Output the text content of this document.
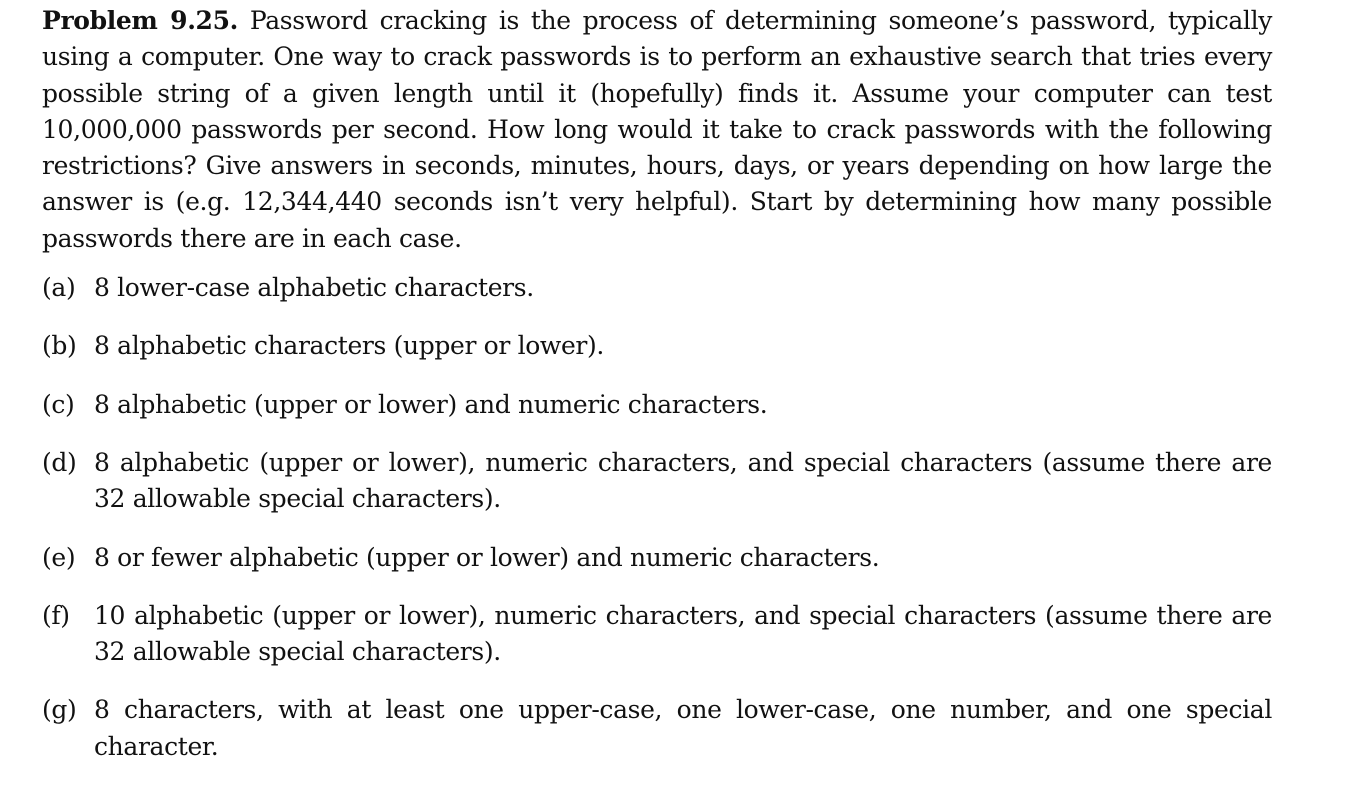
Problem 9.25. Password cracking is the process of determining someone’s password, typically using a computer. One way to crack passwords is to perform an exhaustive search that tries every possible string of a given length until it (hopefully) finds it. Assume your computer can test 10,000,000 passwords per second. How long would it take to crack passwords with the following restrictions? Give answers in seconds, minutes, hours, days, or years depending on how large the answer is (e.g. 12,344,440 seconds isn’t very helpful). Start by determining how many possible passwords there are in each case.

(a) 8 lower-case alphabetic characters.
(b) 8 alphabetic characters (upper or lower).
(c) 8 alphabetic (upper or lower) and numeric characters.
(d) 8 alphabetic (upper or lower), numeric characters, and special characters (assume there are 32 allowable special characters).
(e) 8 or fewer alphabetic (upper or lower) and numeric characters.
(f) 10 alphabetic (upper or lower), numeric characters, and special characters (assume there are 32 allowable special characters).
(g) 8 characters, with at least one upper-case, one lower-case, one number, and one special character.
